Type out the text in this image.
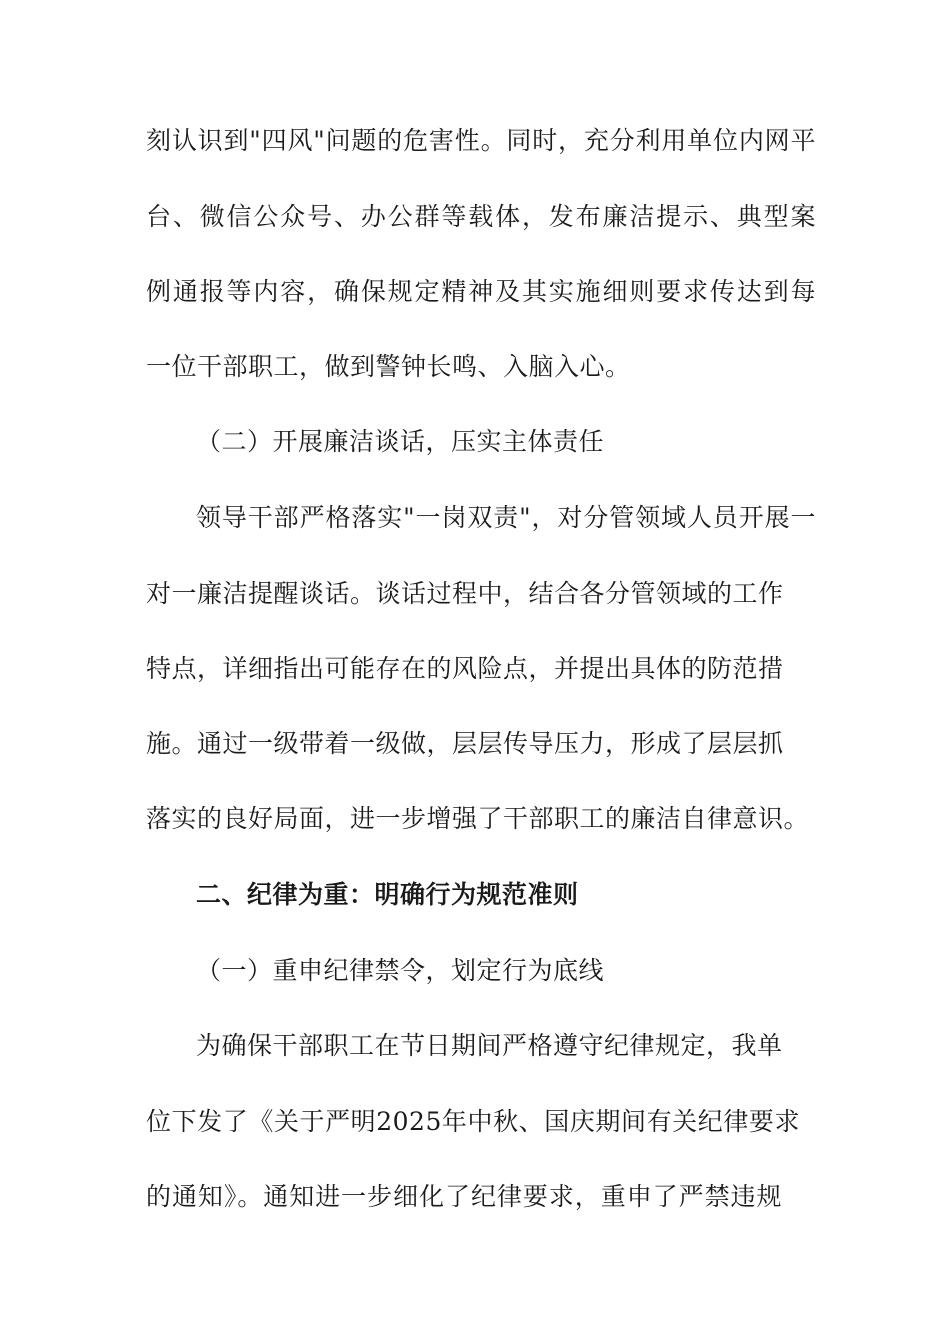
刻认识到"四风"问题的危害性。同时，充分利用单位内网平
台、微信公众号、办公群等载体，发布廉洁提示、典型案
例通报等内容，确保规定精神及其实施细则要求传达到每
一位干部职工，做到警钟长鸣、入脑入心。
（二）开展廉洁谈话，压实主体责任
领导干部严格落实"一岗双责"，对分管领域人员开展一
对一廉洁提醒谈话。谈话过程中，结合各分管领域的工作
特点，详细指出可能存在的风险点，并提出具体的防范措
施。通过一级带着一级做，层层传导压力，形成了层层抓
落实的良好局面，进一步增强了干部职工的廉洁自律意识。
二、纪律为重：明确行为规范准则
（一）重申纪律禁令，划定行为底线
为确保干部职工在节日期间严格遵守纪律规定，我单
位下发了《关于严明2025年中秋、国庆期间有关纪律要求
的通知》。通知进一步细化了纪律要求，重申了严禁违规
